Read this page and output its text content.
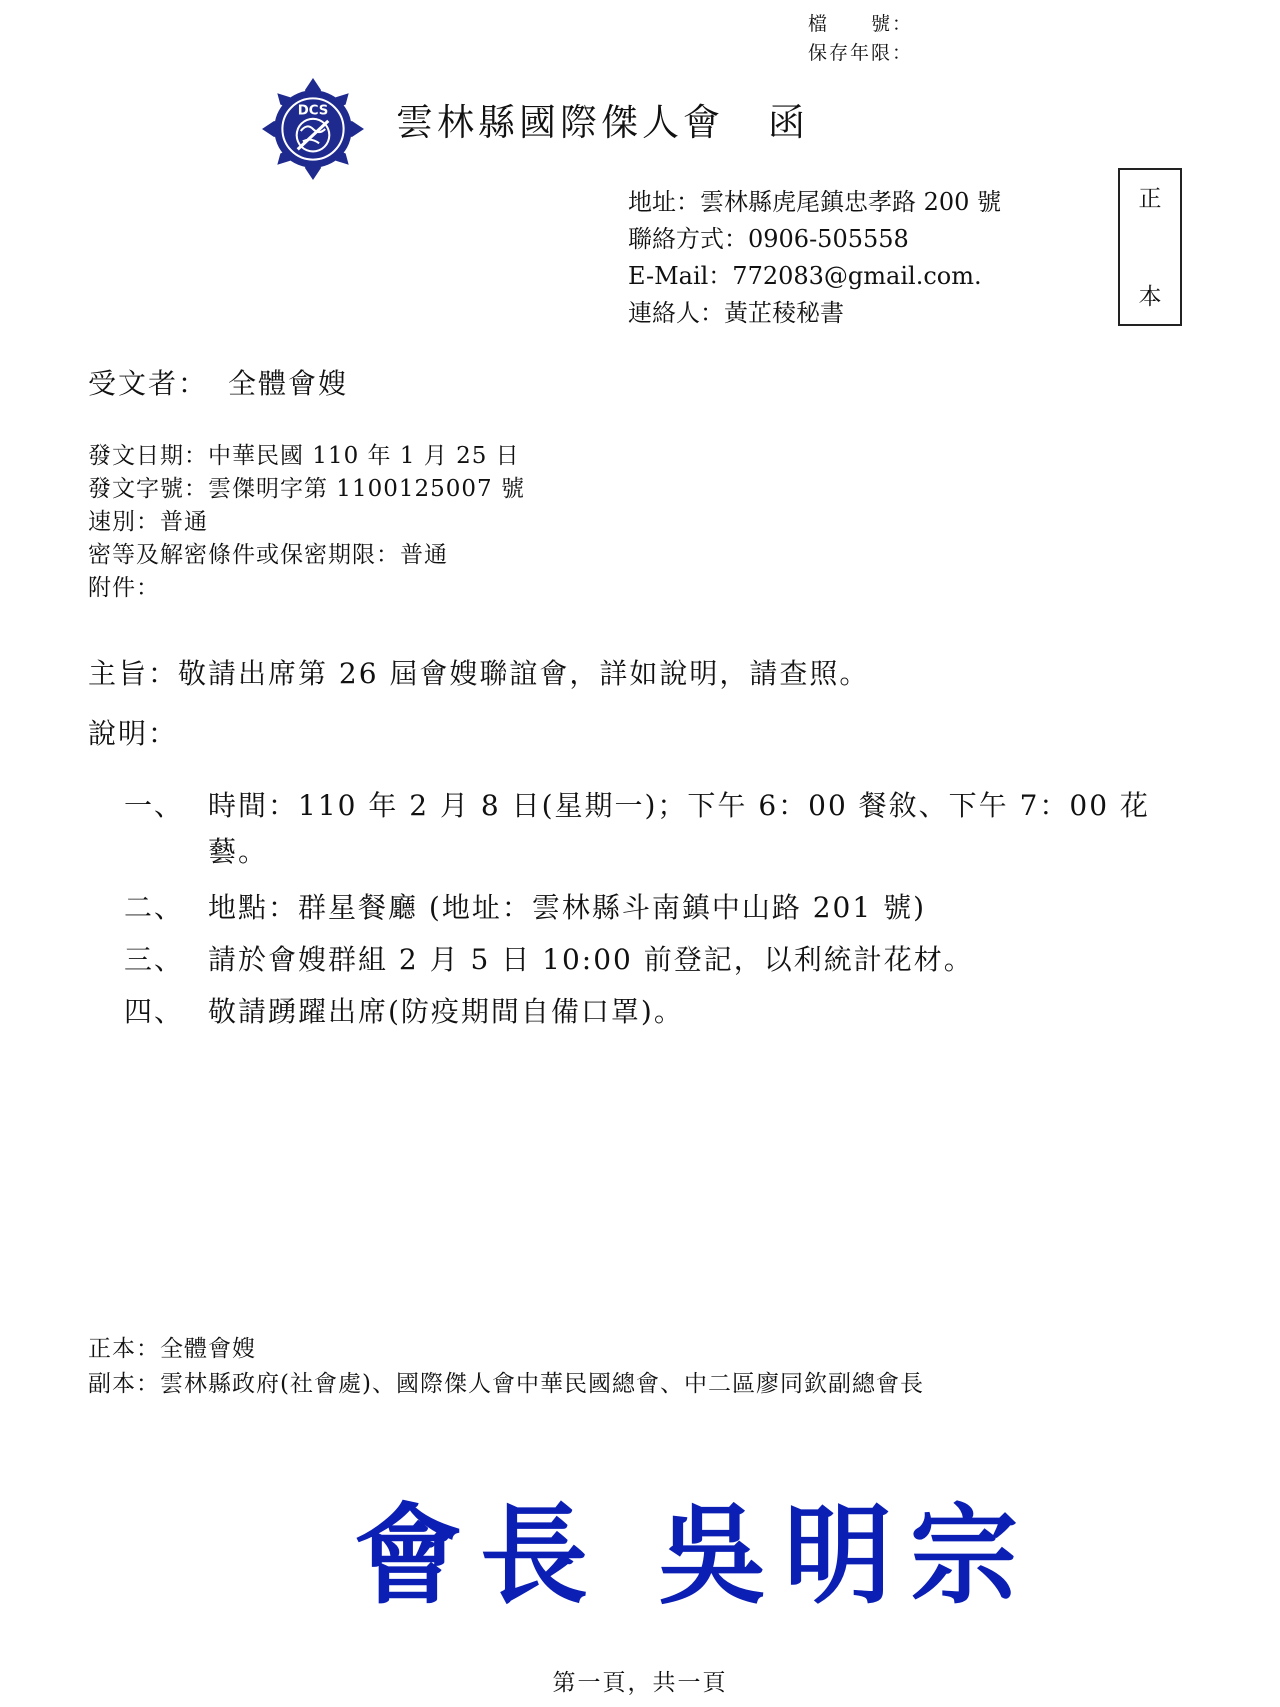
檔　　號：
保存年限：
DCS 雲林縣國際傑人會 函
地址：雲林縣虎尾鎮忠孝路 200 號
聯絡方式：0906-505558
E-Mail：772083@gmail.com.
連絡人：黃芷稜秘書
正
本
受文者： 全體會嫂
發文日期：中華民國 110 年 1 月 25 日
發文字號：雲傑明字第 1100125007 號
速別：普通
密等及解密條件或保密期限：普通
附件：
主旨：敬請出席第 26 屆會嫂聯誼會，詳如說明，請查照。
說明：
一、 時間：110 年 2 月 8 日(星期一)；下午 6：00 餐敘、下午 7：00 花
藝。
二、 地點：群星餐廳 (地址：雲林縣斗南鎮中山路 201 號)
三、 請於會嫂群組 2 月 5 日 10:00 前登記，以利統計花材。
四、 敬請踴躍出席(防疫期間自備口罩)。
正本：全體會嫂
副本：雲林縣政府(社會處)、國際傑人會中華民國總會、中二區廖同欽副總會長
會長 吳明宗
第一頁，共一頁
